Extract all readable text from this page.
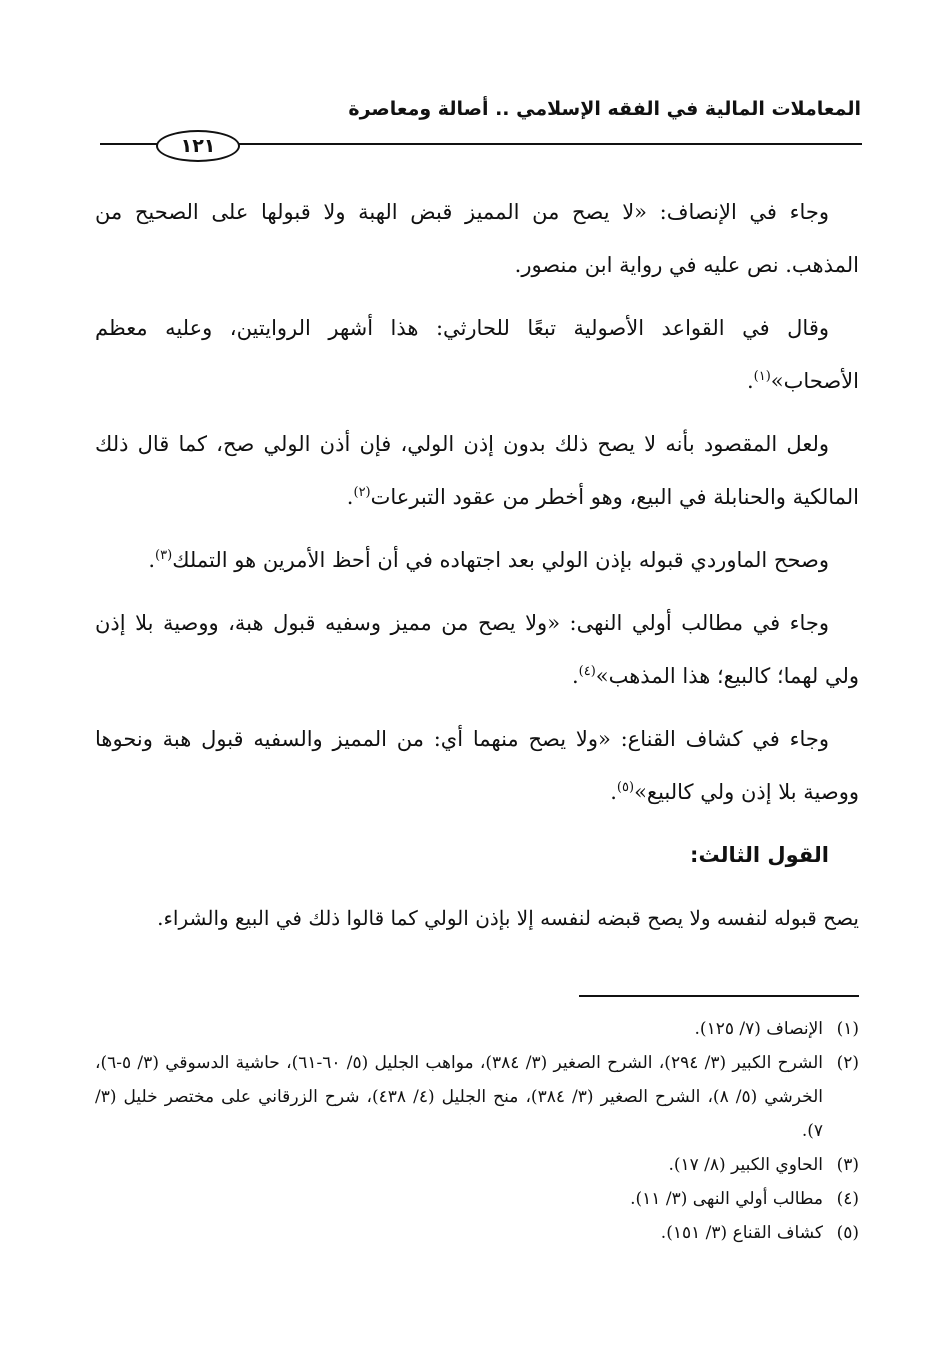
المعاملات المالية في الفقه الإسلامي .. أصالة ومعاصرة
١٢١

وجاء في الإنصاف: «لا يصح من المميز قبض الهبة ولا قبولها على الصحيح من المذهب. نص عليه في رواية ابن منصور.

وقال في القواعد الأصولية تبعًا للحارثي: هذا أشهر الروايتين، وعليه معظم الأصحاب»$^{(١)}$.

ولعل المقصود بأنه لا يصح ذلك بدون إذن الولي، فإن أذن الولي صح، كما قال ذلك المالكية والحنابلة في البيع، وهو أخطر من عقود التبرعات$^{(٢)}$.

وصحح الماوردي قبوله بإذن الولي بعد اجتهاده في أن أحظ الأمرين هو التملك$^{(٣)}$.

وجاء في مطالب أولي النهى: «ولا يصح من مميز وسفيه قبول هبة، ووصية بلا إذن ولي لهما؛ كالبيع؛ هذا المذهب»$^{(٤)}$.

وجاء في كشاف القناع: «ولا يصح منهما أي: من المميز والسفيه قبول هبة ونحوها ووصية بلا إذن ولي كالبيع»$^{(٥)}$.

القول الثالث:

يصح قبوله لنفسه ولا يصح قبضه لنفسه إلا بإذن الولي كما قالوا ذلك في البيع والشراء.

(١)الإنصاف (٧/ ١٢٥).
(٢)الشرح الكبير (٣/ ٢٩٤)، الشرح الصغير (٣/ ٣٨٤)، مواهب الجليل (٥/ ٦٠-٦١)، حاشية الدسوقي (٣/ ٥-٦)، الخرشي (٥/ ٨)، الشرح الصغير (٣/ ٣٨٤)، منح الجليل (٤/ ٤٣٨)، شرح الزرقاني على مختصر خليل (٣/ ٧).
(٣)الحاوي الكبير (٨/ ١٧).
(٤)مطالب أولي النهى (٣/ ١١).
(٥)كشاف القناع (٣/ ١٥١).
